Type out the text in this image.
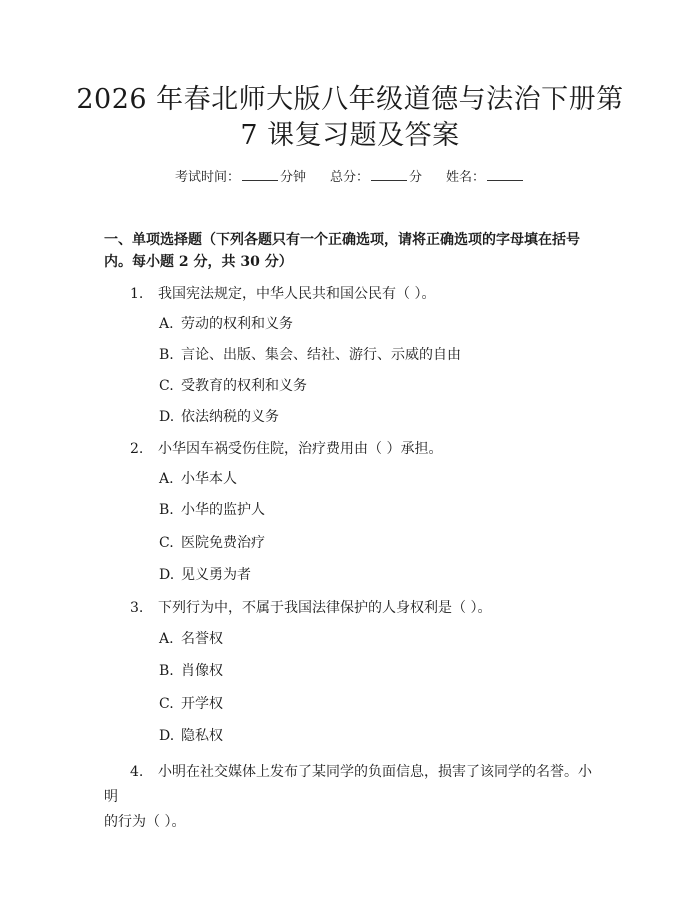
2026 年春北师大版八年级道德与法治下册第
7 课复习题及答案
考试时间：	分钟 总分：	分 姓名：
一、单项选择题（下列各题只有一个正确选项，请将正确选项的字母填在括号
内。每小题 2 分，共 30 分）
1. 我国宪法规定，中华人民共和国公民有（ ）。
A. 劳动的权利和义务
B. 言论、出版、集会、结社、游行、示威的自由
C. 受教育的权利和义务
D. 依法纳税的义务
2. 小华因车祸受伤住院，治疗费用由（ ）承担。
A. 小华本人
B. 小华的监护人
C. 医院免费治疗
D. 见义勇为者
3. 下列行为中，不属于我国法律保护的人身权利是（ ）。
A. 名誉权
B. 肖像权
C. 开学权
D. 隐私权
4. 小明在社交媒体上发布了某同学的负面信息，损害了该同学的名誉。小明
的行为（ ）。
